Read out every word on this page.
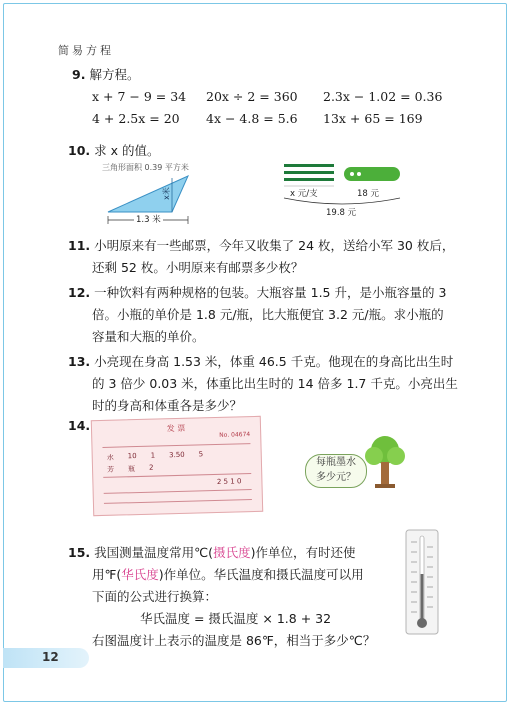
简易方程
9. 解方程。
x + 7 − 9 = 34 20x ÷ 2 = 360 2.3x − 1.02 = 0.36
4 + 2.5x = 20 4x − 4.8 = 5.6 13x + 65 = 169
10. 求 x 的值。
三角形面积 0.39 平方米
x米
1.3 米
x 元/支	18 元
19.8 元
11. 小明原来有一些邮票，今年又收集了 24 枚，送给小军 30 枚后，
还剩 52 枚。小明原来有邮票多少枚？
12. 一种饮料有两种规格的包装。大瓶容量 1.5 升，是小瓶容量的 3
倍。小瓶的单价是 1.8 元/瓶，比大瓶便宜 3.2 元/瓶。求小瓶的
容量和大瓶的单价。
13. 小亮现在身高 1.53 米，体重 46.5 千克。他现在的身高比出生时
的 3 倍少 0.03 米，体重比出生时的 14 倍多 1.7 千克。小亮出生
时的身高和体重各是多少？
14.	发 票
No. 04674
水 10 1 3.50 5
芳 瓶 2
2 5 1 0
每瓶墨水
多少元？
15. 我国测量温度常用℃(摄氏度)作单位，有时还使
用℉(华氏度)作单位。华氏温度和摄氏温度可以用
下面的公式进行换算：
华氏温度 = 摄氏温度 × 1.8 + 32
右图温度计上表示的温度是 86℉，相当于多少℃？
12
